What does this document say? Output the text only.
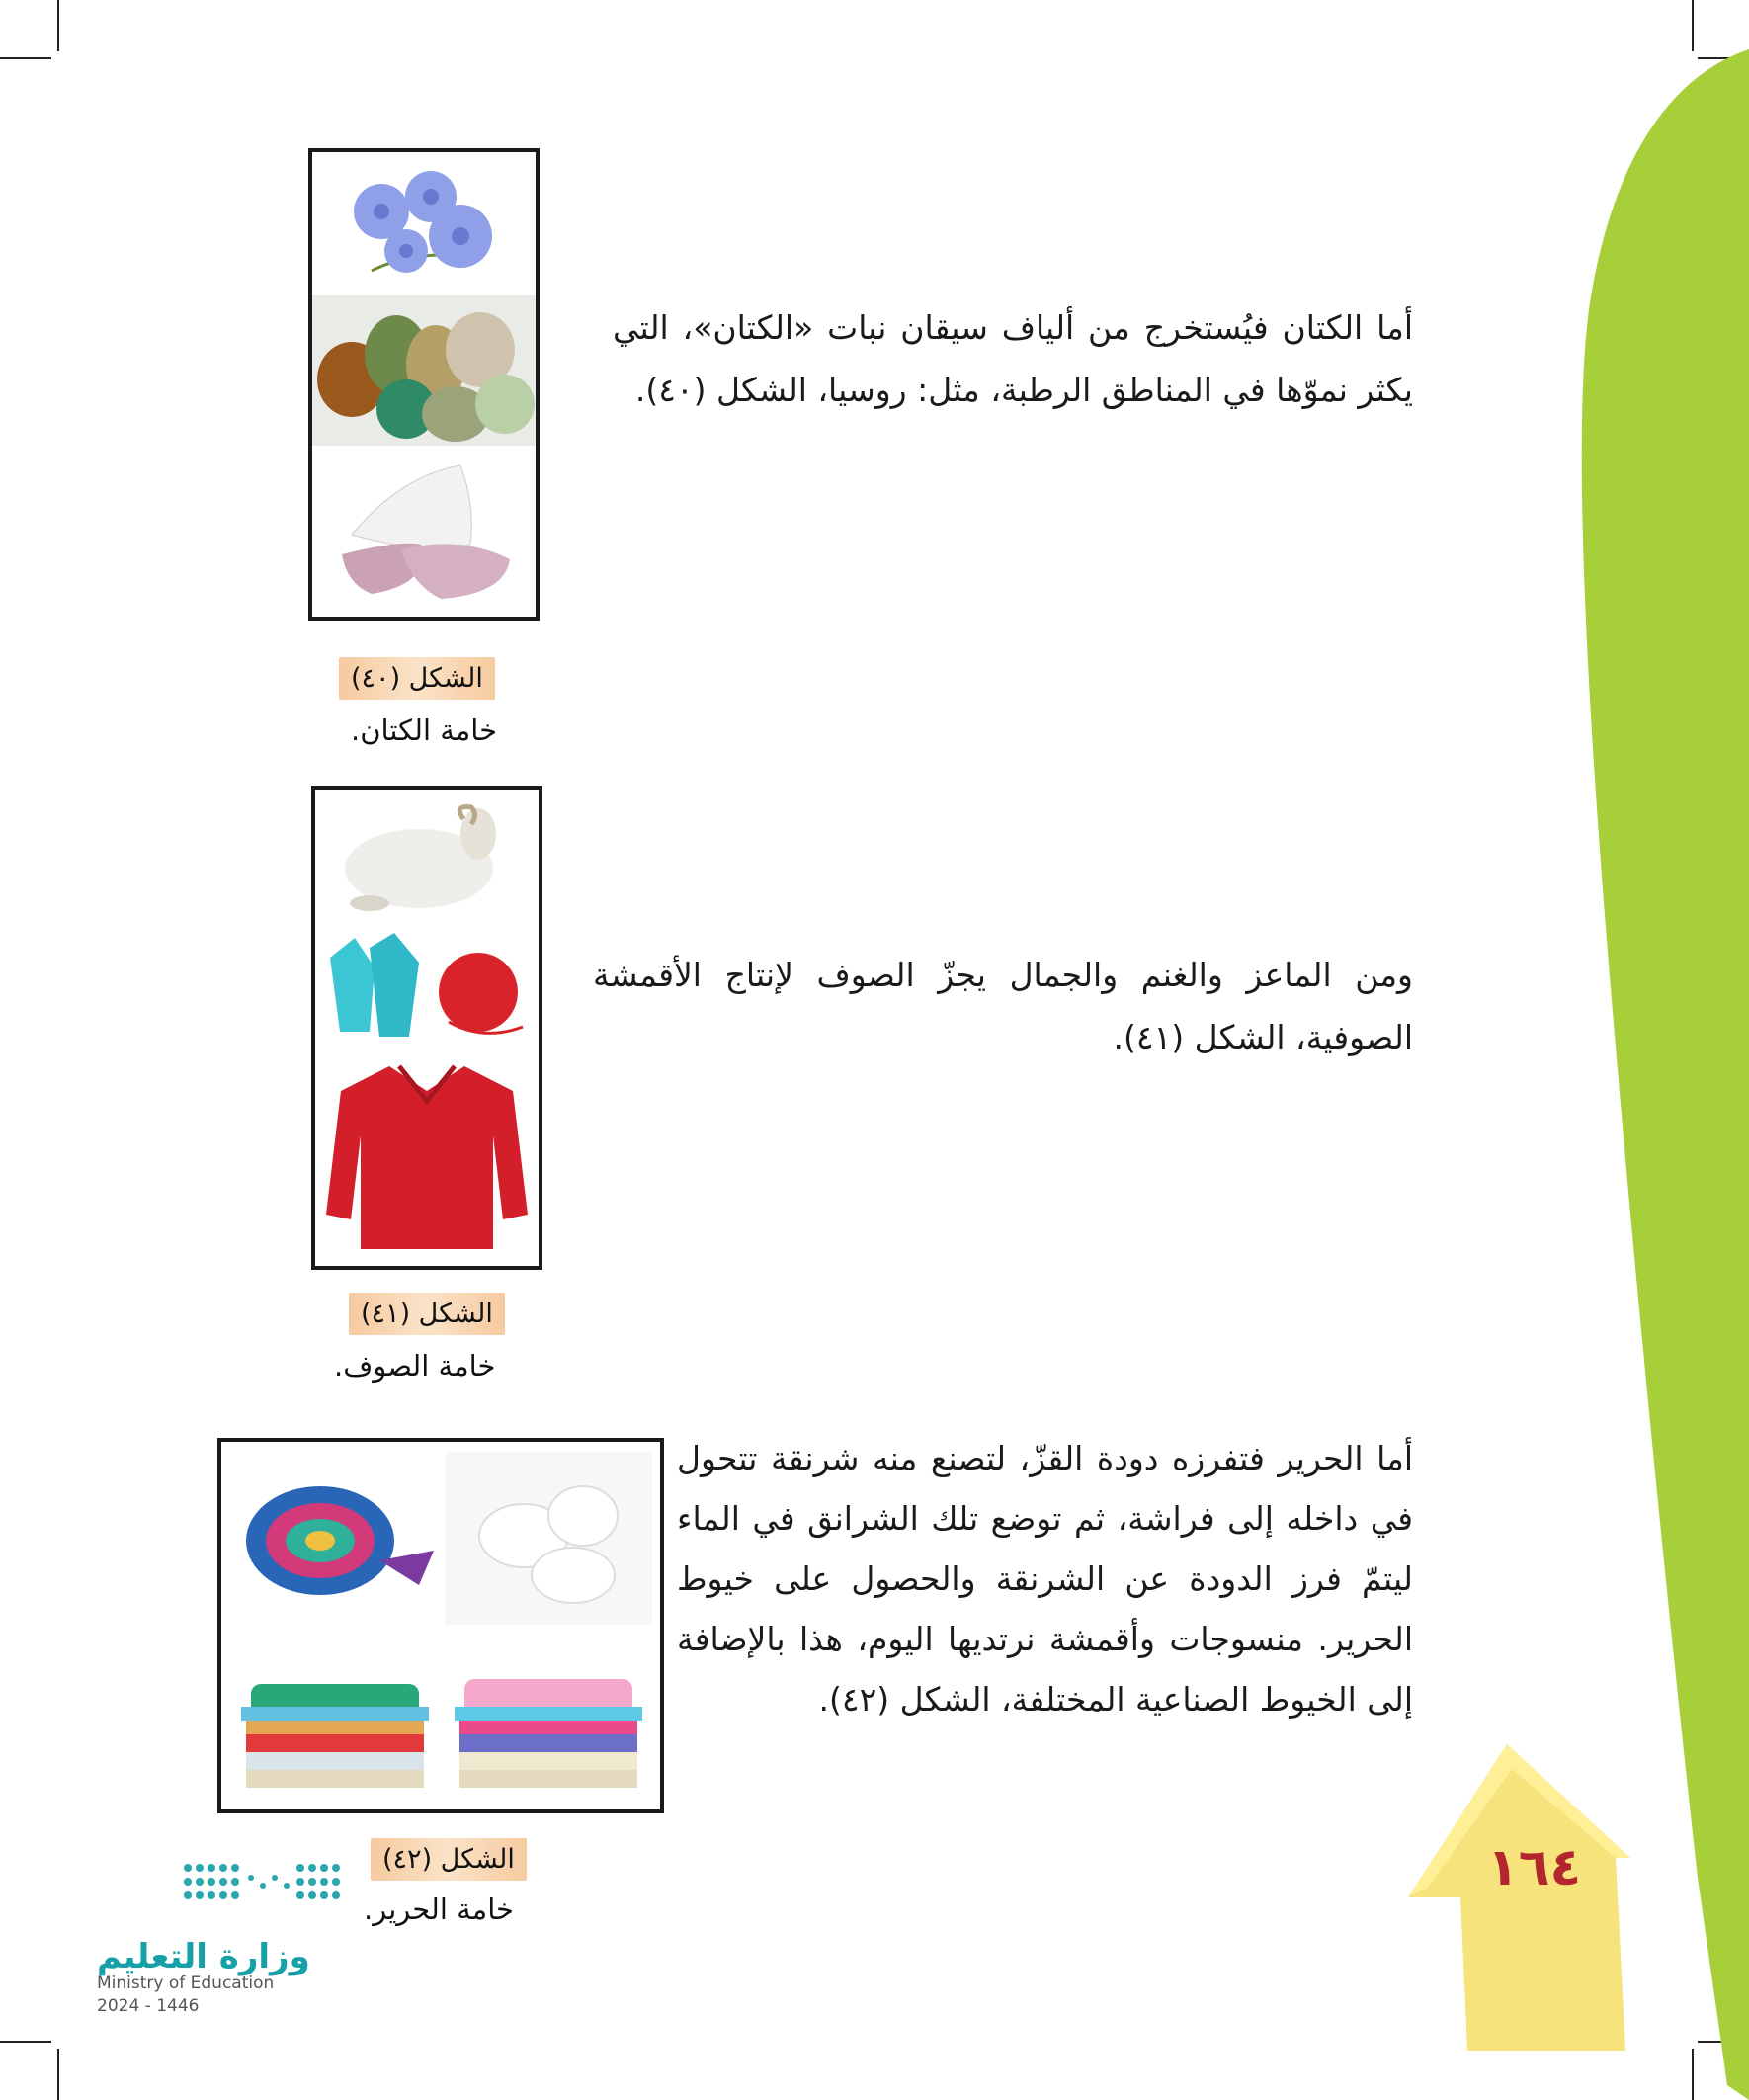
١٦٤
أما الكتان فيُستخرج من ألياف سيقان نبات «الكتان»، التي يكثر نموّها في المناطق الرطبة، مثل: روسيا، الشكل (٤٠).
ومن الماعز والغنم والجمال يجزّ الصوف لإنتاج الأقمشة الصوفية، الشكل (٤١).
أما الحرير فتفرزه دودة القزّ، لتصنع منه شرنقة تتحول في داخله إلى فراشة، ثم توضع تلك الشرانق في الماء ليتمّ فرز الدودة عن الشرنقة والحصول على خيوط الحرير. منسوجات وأقمشة نرتديها اليوم، هذا بالإضافة إلى الخيوط الصناعية المختلفة، الشكل (٤٢).
الشكل (٤٠)
خامة الكتان.
الشكل (٤١)
خامة الصوف.
الشكل (٤٢)
خامة الحرير.
وزارة التعليم
Ministry of Education
2024 - 1446
